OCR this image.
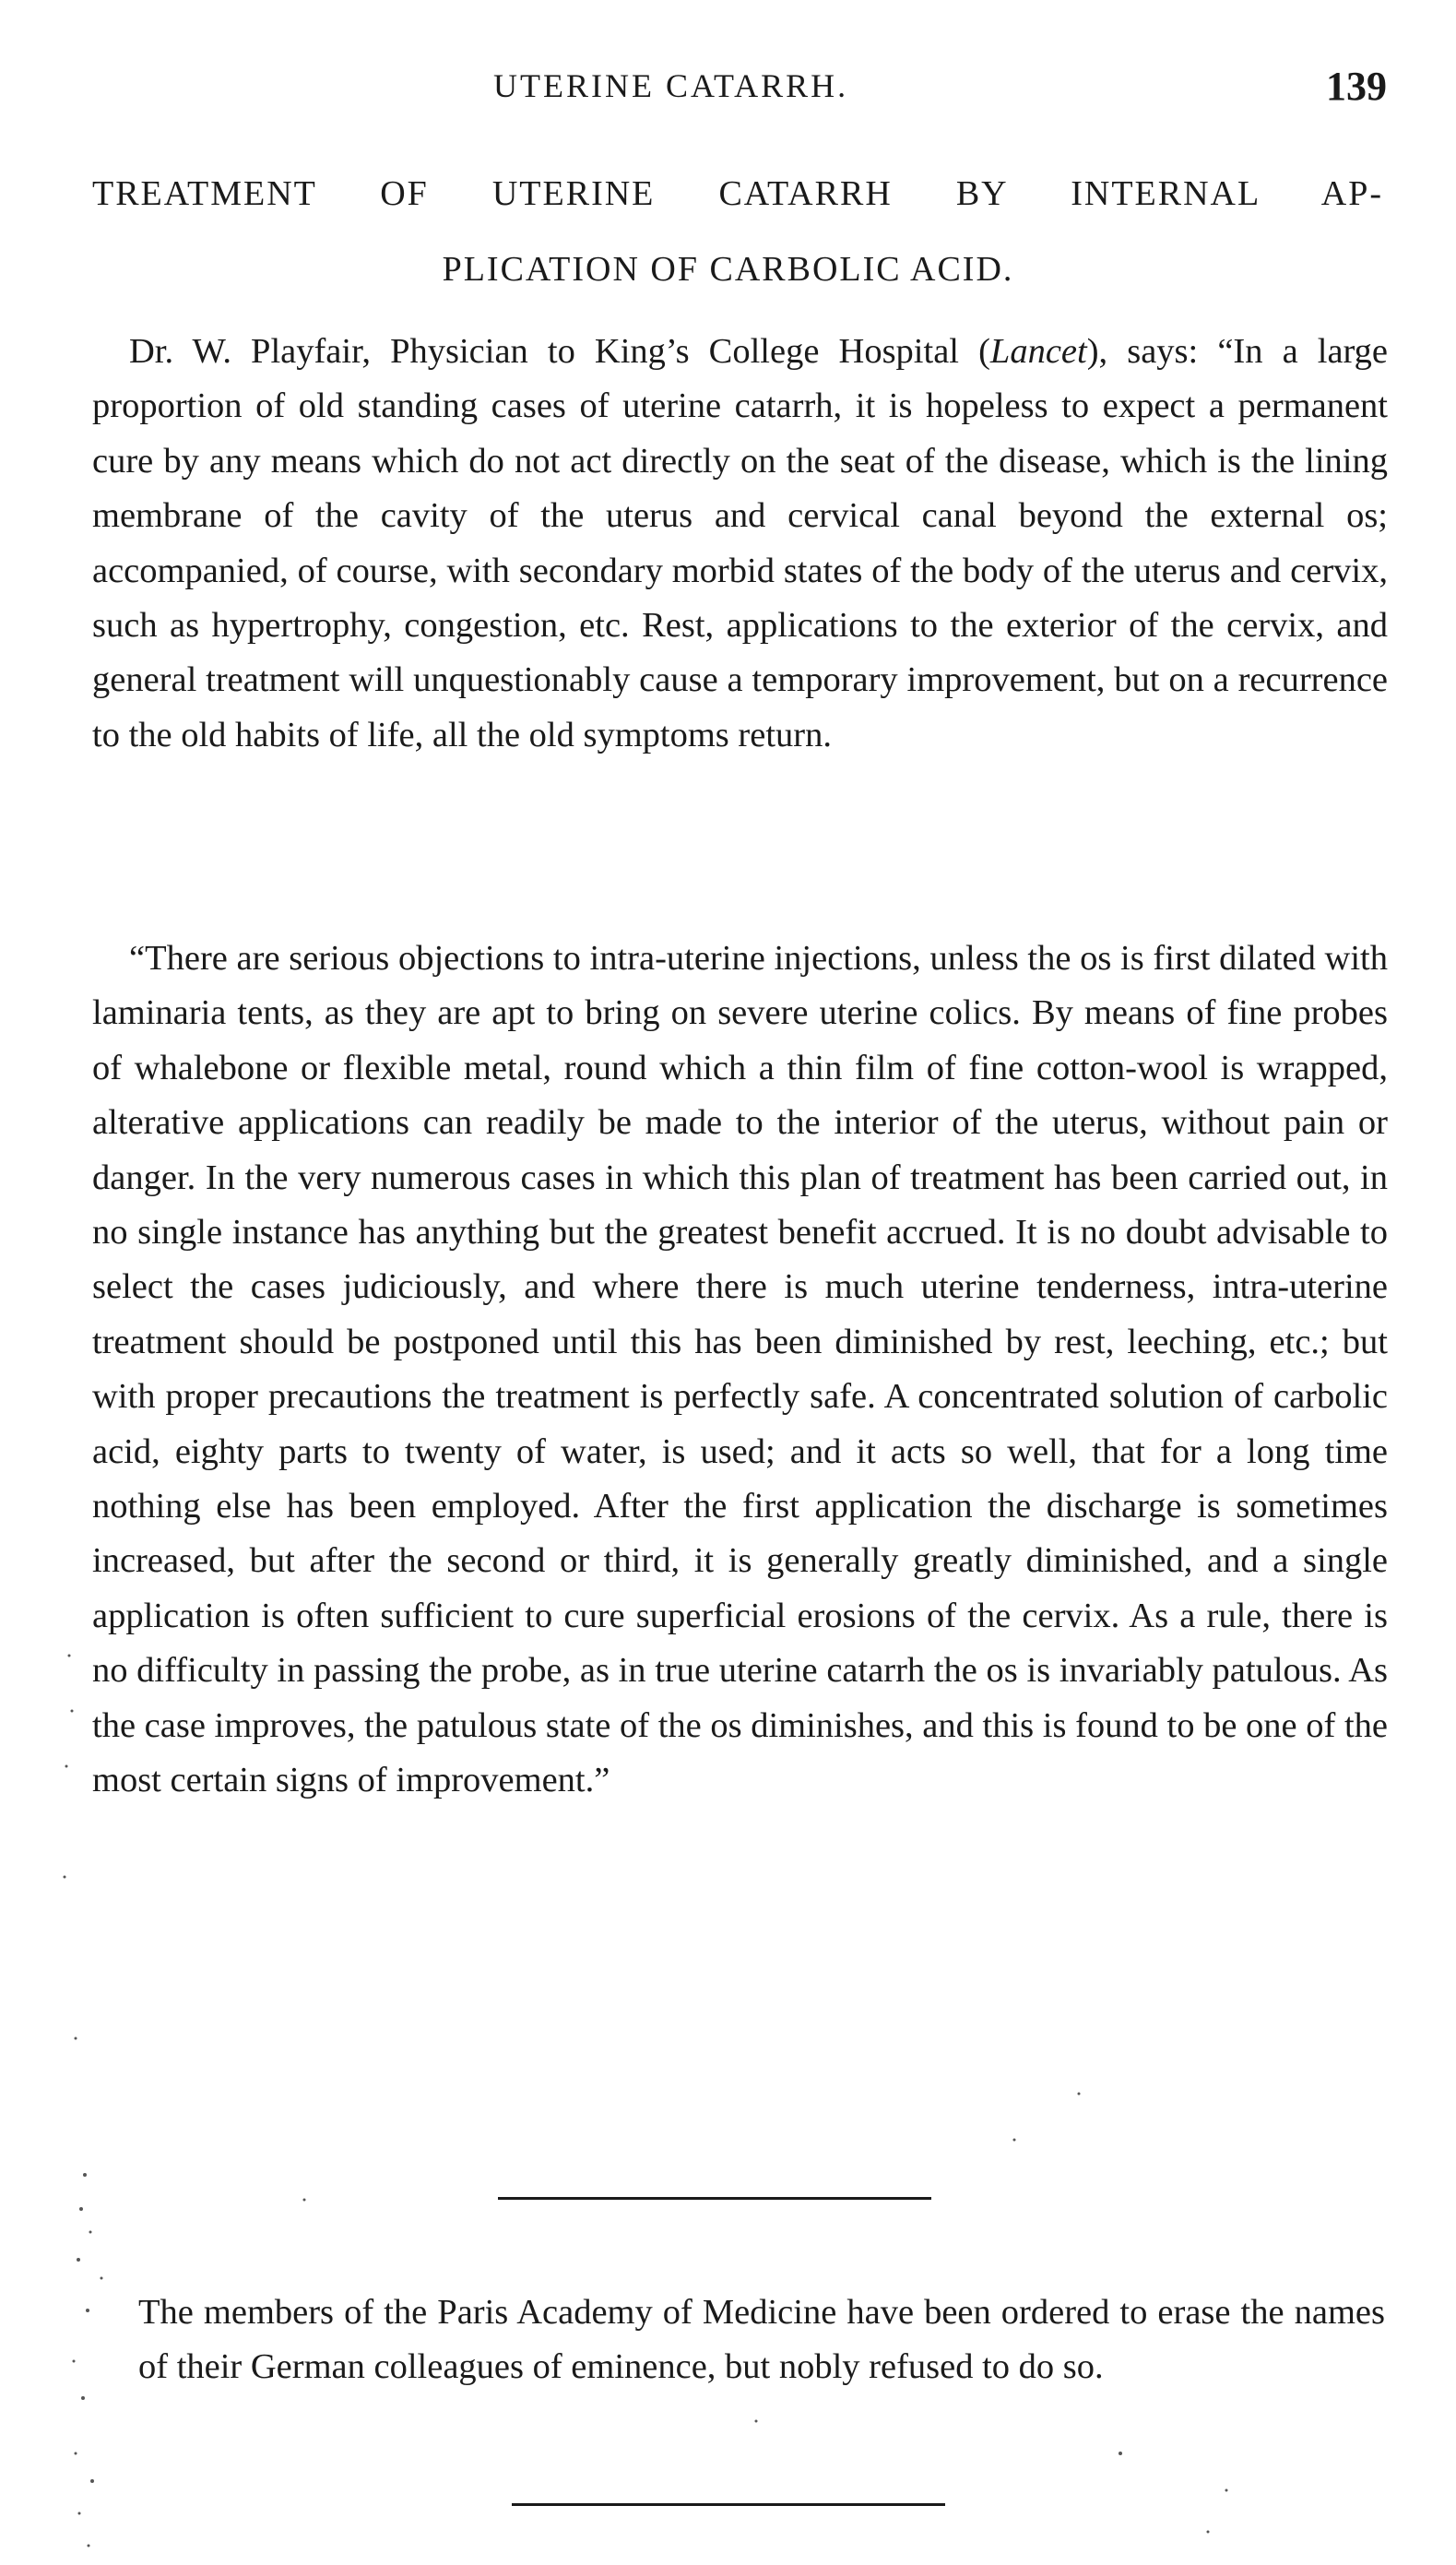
UTERINE CATARRH.	139
TREATMENT OF UTERINE CATARRH BY INTERNAL AP-
PLICATION OF CARBOLIC ACID.

Dr. W. Playfair, Physician to King’s College Hospital (Lancet), says: “In a large proportion of old standing cases of uterine catarrh, it is hopeless to expect a permanent cure by any means which do not act directly on the seat of the disease, which is the lining membrane of the cavity of the uterus and cervical canal beyond the external os; accompanied, of course, with secondary morbid states of the body of the uterus and cervix, such as hypertrophy, congestion, etc. Rest, applications to the exterior of the cervix, and general treatment will unquestionably cause a temporary improvement, but on a recurrence to the old habits of life, all the old symptoms return.

“There are serious objections to intra-uterine injections, unless the os is first dilated with laminaria tents, as they are apt to bring on severe uterine colics. By means of fine probes of whalebone or flexible metal, round which a thin film of fine cotton-wool is wrapped, alterative applications can readily be made to the interior of the uterus, without pain or danger. In the very numerous cases in which this plan of treatment has been carried out, in no single instance has anything but the greatest benefit accrued. It is no doubt advisable to select the cases judiciously, and where there is much uterine tenderness, intra-uterine treatment should be postponed until this has been diminished by rest, leeching, etc.; but with proper precautions the treatment is perfectly safe. A concentrated solution of carbolic acid, eighty parts to twenty of water, is used; and it acts so well, that for a long time nothing else has been employed. After the first application the discharge is sometimes increased, but after the second or third, it is generally greatly diminished, and a single application is often sufficient to cure superficial erosions of the cervix. As a rule, there is no difficulty in passing the probe, as in true uterine catarrh the os is invariably patulous. As the case improves, the patulous state of the os diminishes, and this is found to be one of the most certain signs of improvement.”

The members of the Paris Academy of Medicine have been ordered to erase the names of their German colleagues of eminence, but nobly refused to do so.
